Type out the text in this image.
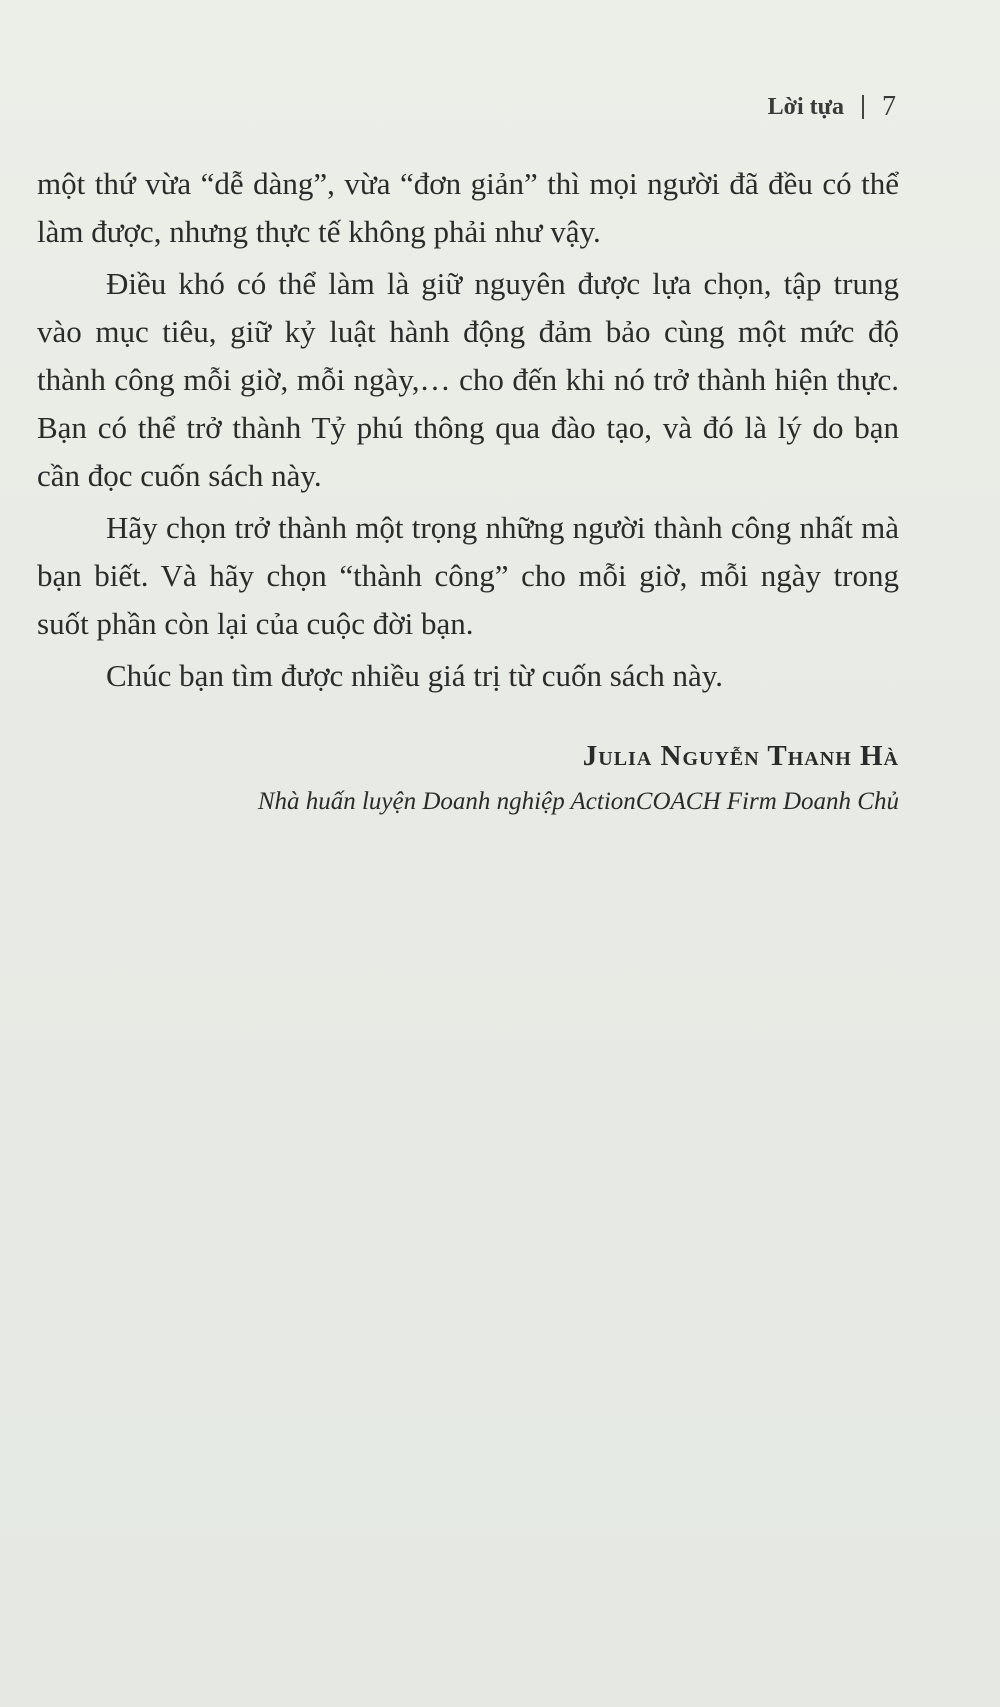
Lời tựa 7

một thứ vừa “dễ dàng”, vừa “đơn giản” thì mọi người đã đều có thể làm được, nhưng thực tế không phải như vậy.

Điều khó có thể làm là giữ nguyên được lựa chọn, tập trung vào mục tiêu, giữ kỷ luật hành động đảm bảo cùng một mức độ thành công mỗi giờ, mỗi ngày,… cho đến khi nó trở thành hiện thực. Bạn có thể trở thành Tỷ phú thông qua đào tạo, và đó là lý do bạn cần đọc cuốn sách này.

Hãy chọn trở thành một trọng những người thành công nhất mà bạn biết. Và hãy chọn “thành công” cho mỗi giờ, mỗi ngày trong suốt phần còn lại của cuộc đời bạn.

Chúc bạn tìm được nhiều giá trị từ cuốn sách này.

Julia Nguyễn Thanh Hà
Nhà huấn luyện Doanh nghiệp ActionCOACH Firm Doanh Chủ
